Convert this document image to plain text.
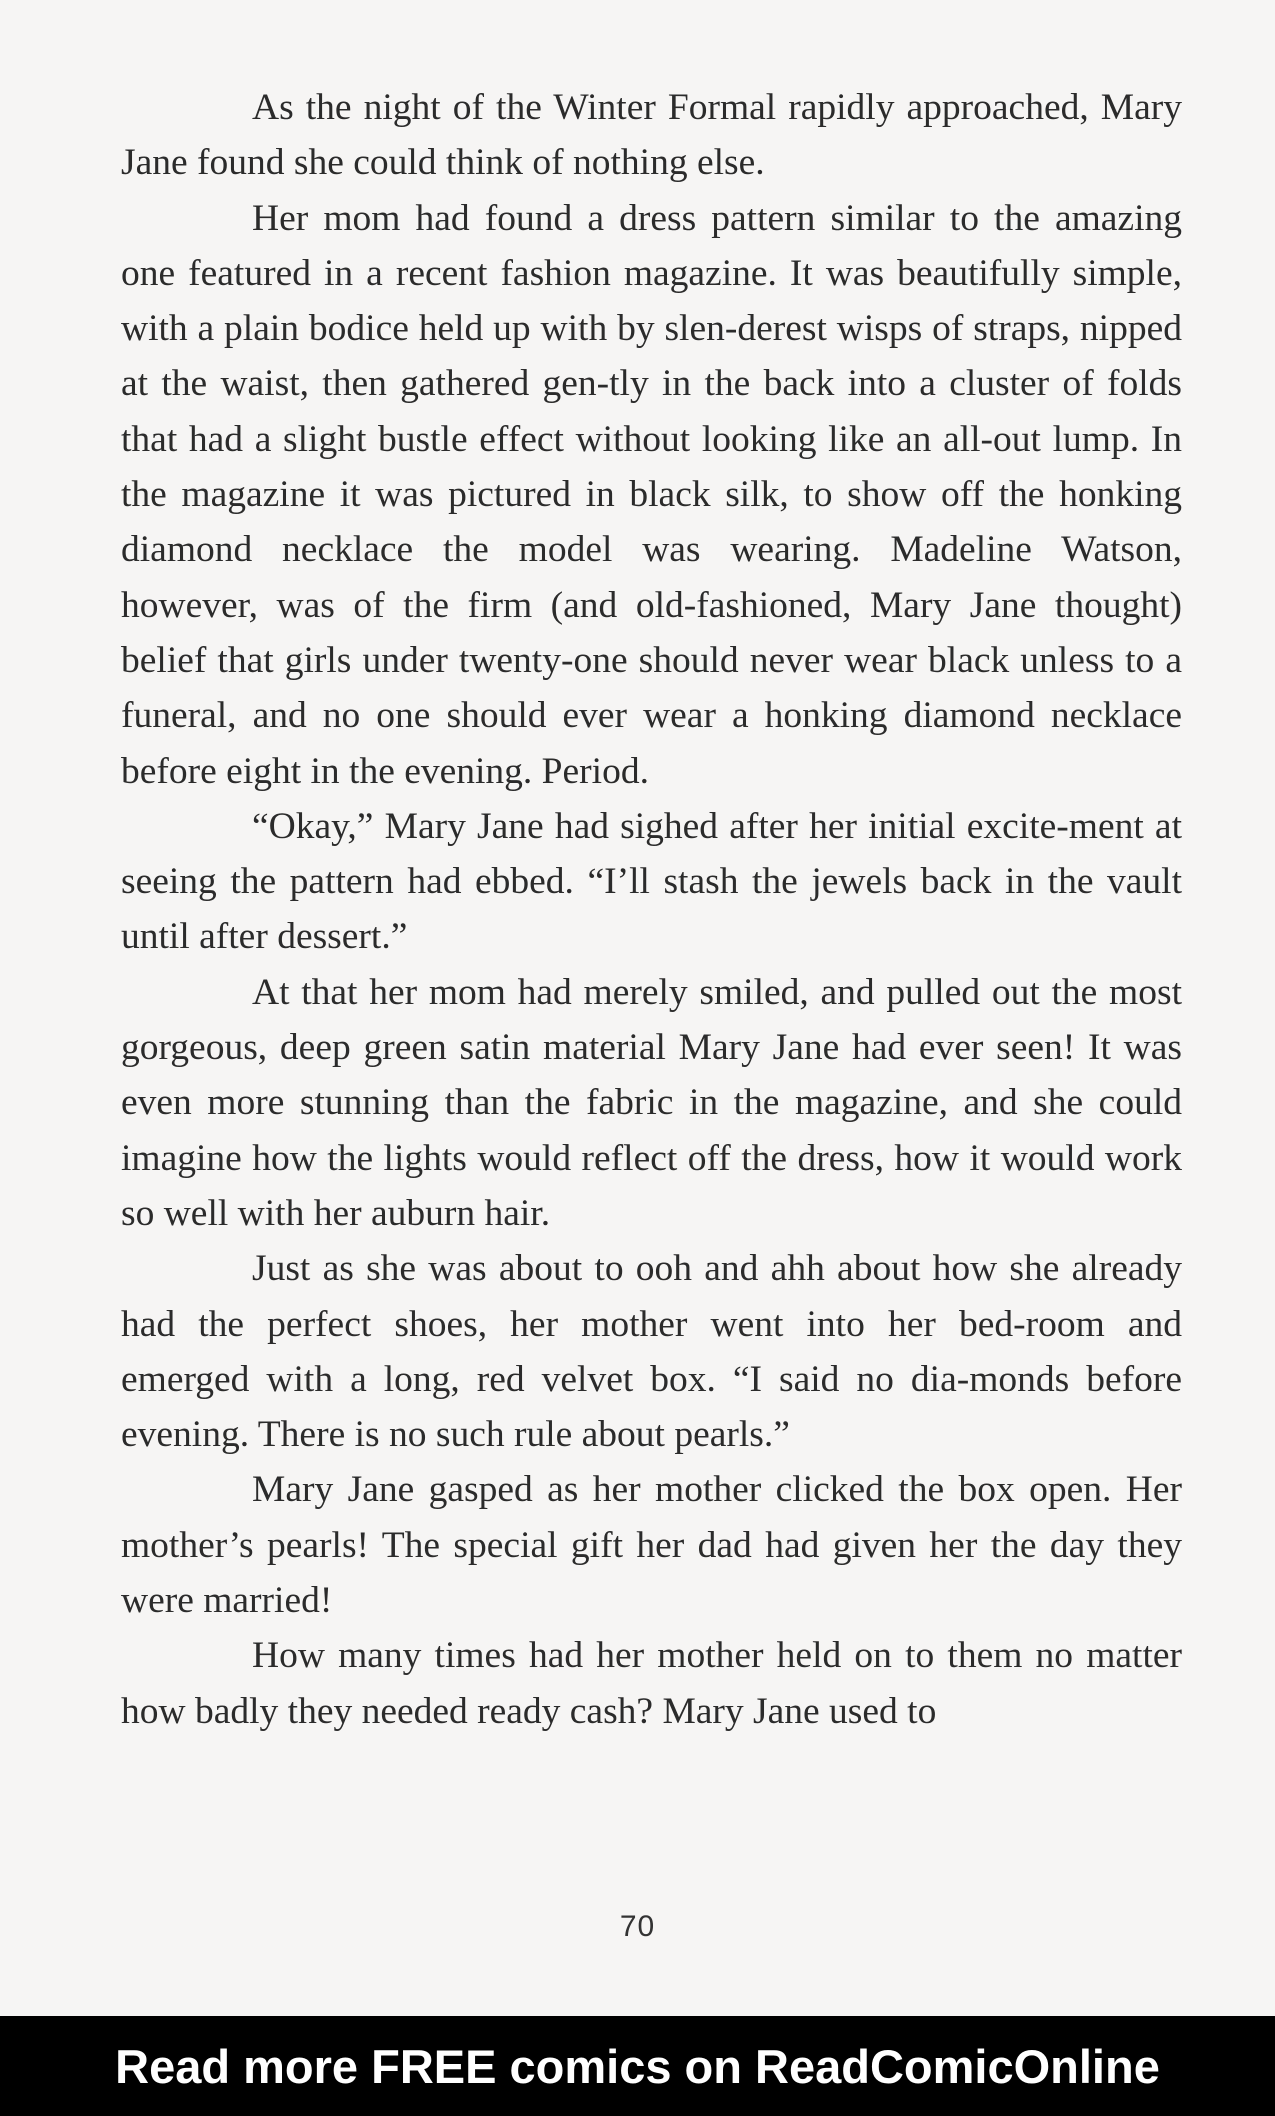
As the night of the Winter Formal rapidly approached, Mary Jane found she could think of nothing else.

Her mom had found a dress pattern similar to the amazing one featured in a recent fashion magazine. It was beautifully simple, with a plain bodice held up with by slen-derest wisps of straps, nipped at the waist, then gathered gen-tly in the back into a cluster of folds that had a slight bustle effect without looking like an all-out lump. In the magazine it was pictured in black silk, to show off the honking diamond necklace the model was wearing. Madeline Watson, however, was of the firm (and old-fashioned, Mary Jane thought) belief that girls under twenty-one should never wear black unless to a funeral, and no one should ever wear a honking diamond necklace before eight in the evening. Period.

“Okay,” Mary Jane had sighed after her initial excite-ment at seeing the pattern had ebbed. “I’ll stash the jewels back in the vault until after dessert.”

At that her mom had merely smiled, and pulled out the most gorgeous, deep green satin material Mary Jane had ever seen! It was even more stunning than the fabric in the magazine, and she could imagine how the lights would reflect off the dress, how it would work so well with her auburn hair.

Just as she was about to ooh and ahh about how she already had the perfect shoes, her mother went into her bed-room and emerged with a long, red velvet box. “I said no dia-monds before evening. There is no such rule about pearls.”

Mary Jane gasped as her mother clicked the box open. Her mother’s pearls! The special gift her dad had given her the day they were married!

How many times had her mother held on to them no matter how badly they needed ready cash? Mary Jane used to

70
Read more FREE comics on ReadComicOnline
